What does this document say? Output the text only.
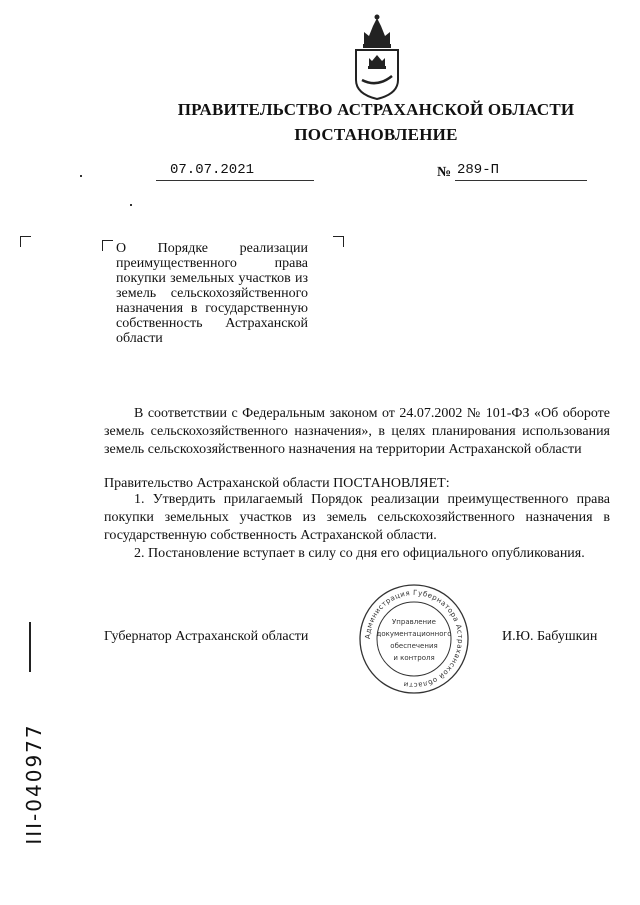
ПРАВИТЕЛЬСТВО АСТРАХАНСКОЙ ОБЛАСТИ
ПОСТАНОВЛЕНИЕ
07.07.2021	№ 289-П
О Порядке реализации преимущественного права покупки земельных участков из земель сельскохозяйственного назначения в государственную собственность Астраханской области
В соответствии с Федеральным законом от 24.07.2002 № 101-ФЗ «Об обороте земель сельскохозяйственного назначения», в целях планирования использования земель сельскохозяйственного назначения на территории Астраханской области
Правительство Астраханской области ПОСТАНОВЛЯЕТ:
1. Утвердить прилагаемый Порядок реализации преимущественного права покупки земельных участков из земель сельскохозяйственного назначения в государственную собственность Астраханской области.
2. Постановление вступает в силу со дня его официального опубликования.
Губернатор Астраханской области	И.Ю. Бабушкин
Администрация Губернатора Астраханской области
Управление
документационного
обеспечения
и контроля
III-040977
